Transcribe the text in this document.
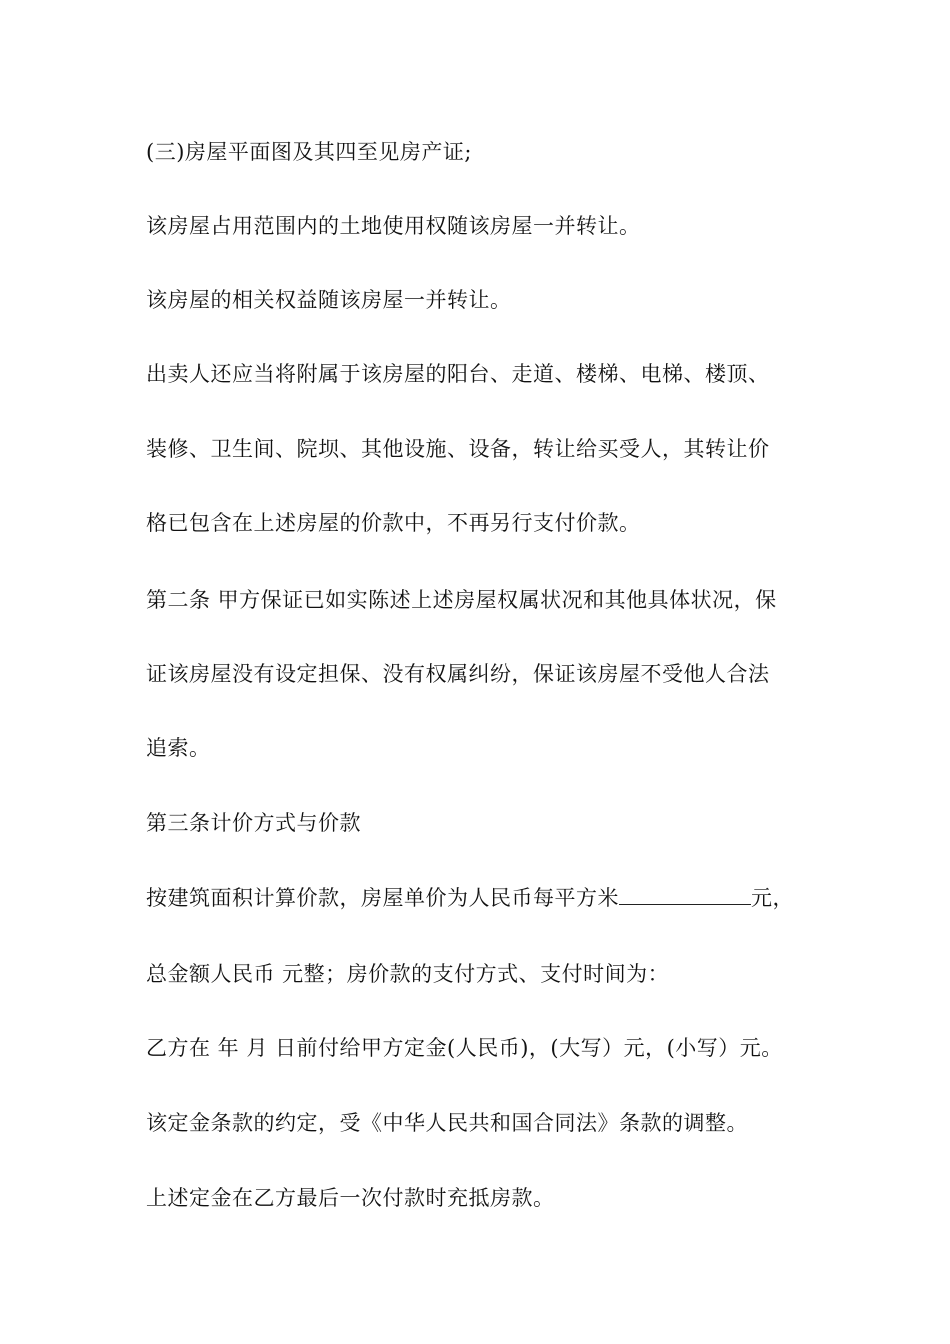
(三)房屋平面图及其四至见房产证;

该房屋占用范围内的土地使用权随该房屋一并转让。

该房屋的相关权益随该房屋一并转让。

出卖人还应当将附属于该房屋的阳台、走道、楼梯、电梯、楼顶、

装修、卫生间、院坝、其他设施、设备，转让给买受人，其转让价

格已包含在上述房屋的价款中，不再另行支付价款。

第二条 甲方保证已如实陈述上述房屋权属状况和其他具体状况，保

证该房屋没有设定担保、没有权属纠纷，保证该房屋不受他人合法

追索。

第三条计价方式与价款

按建筑面积计算价款，房屋单价为人民币每平方米	元，

总金额人民币 元整；房价款的支付方式、支付时间为：

乙方在 年 月 日前付给甲方定金(人民币)，(大写）元，(小写）元。

该定金条款的约定，受《中华人民共和国合同法》条款的调整。

上述定金在乙方最后一次付款时充抵房款。
